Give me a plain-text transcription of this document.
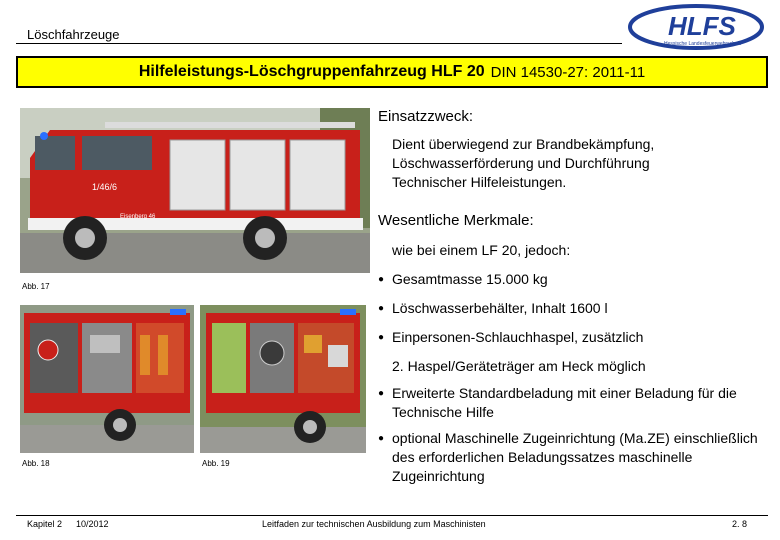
Löschfahrzeuge	HLFS
Hessische Landesfeuerwehrschule
Hilfeleistungs-Löschgruppenfahrzeug HLF 20 DIN 14530-27: 2011-11
1/46/6
Eisenberg 46
Abb. 17
Abb. 18	Abb. 19
Einsatzzweck:
Dient überwiegend zur Brandbekämpfung, Löschwasserförderung und Durchführung Technischer Hilfeleistungen.
Wesentliche Merkmale:
wie bei einem LF 20, jedoch:
● Gesamtmasse 15.000 kg
● Löschwasserbehälter, Inhalt 1600 l
● Einpersonen-Schlauchhaspel, zusätzlich
2. Haspel/Geräteträger am Heck möglich
● Erweiterte Standardbeladung mit einer Beladung für die Technische Hilfe
● optional Maschinelle Zugeinrichtung (Ma.ZE) einschließlich des erforderlichen Beladungssatzes maschinelle Zugeinrichtung
Kapitel 2 10/2012	Leitfaden zur technischen Ausbildung zum Maschinisten	2. 8
